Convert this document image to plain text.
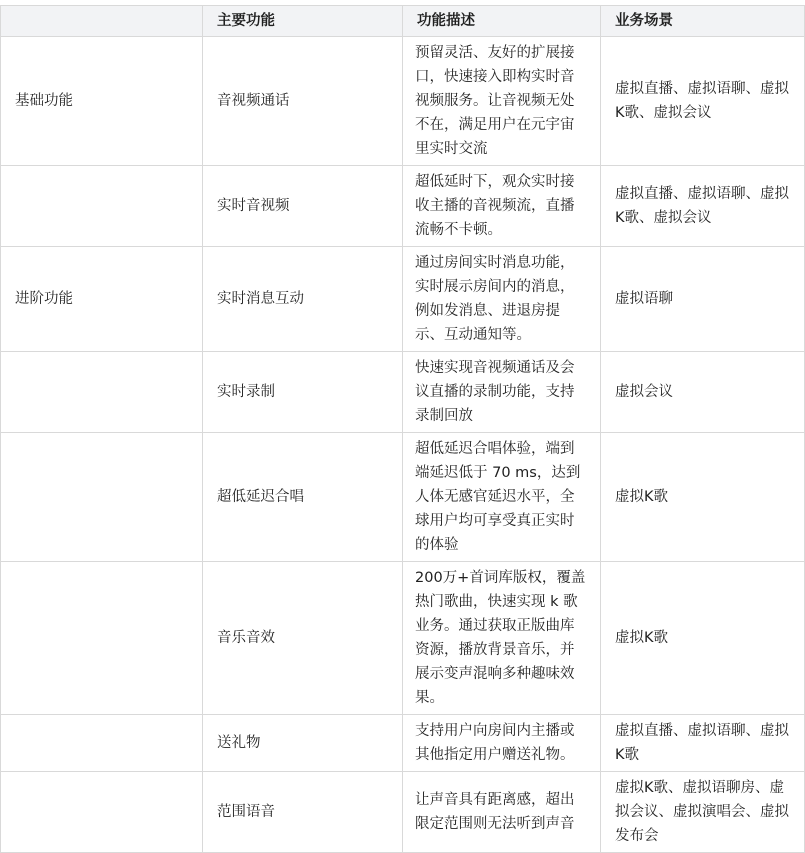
	主要功能	功能描述	业务场景
基础功能	音视频通话	预留灵活、友好的扩展接口，快速接入即构实时音视频服务。让音视频无处不在，满足用户在元宇宙里实时交流	虚拟直播、虚拟语聊、虚拟K歌、虚拟会议
	实时音视频	超低延时下，观众实时接收主播的音视频流，直播流畅不卡顿。	虚拟直播、虚拟语聊、虚拟K歌、虚拟会议
进阶功能	实时消息互动	通过房间实时消息功能，实时展示房间内的消息，例如发消息、进退房提示、互动通知等。	虚拟语聊
	实时录制	快速实现音视频通话及会议直播的录制功能，支持录制回放	虚拟会议
	超低延迟合唱	超低延迟合唱体验，端到端延迟低于 70 ms，达到人体无感官延迟水平，全球用户均可享受真正实时的体验	虚拟K歌
	音乐音效	200万+首词库版权，覆盖热门歌曲，快速实现 k 歌业务。通过获取正版曲库资源，播放背景音乐，并展示变声混响多种趣味效果。	虚拟K歌
	送礼物	支持用户向房间内主播或其他指定用户赠送礼物。	虚拟直播、虚拟语聊、虚拟K歌
	范围语音	让声音具有距离感，超出限定范围则无法听到声音	虚拟K歌、虚拟语聊房、虚拟会议、虚拟演唱会、虚拟发布会
